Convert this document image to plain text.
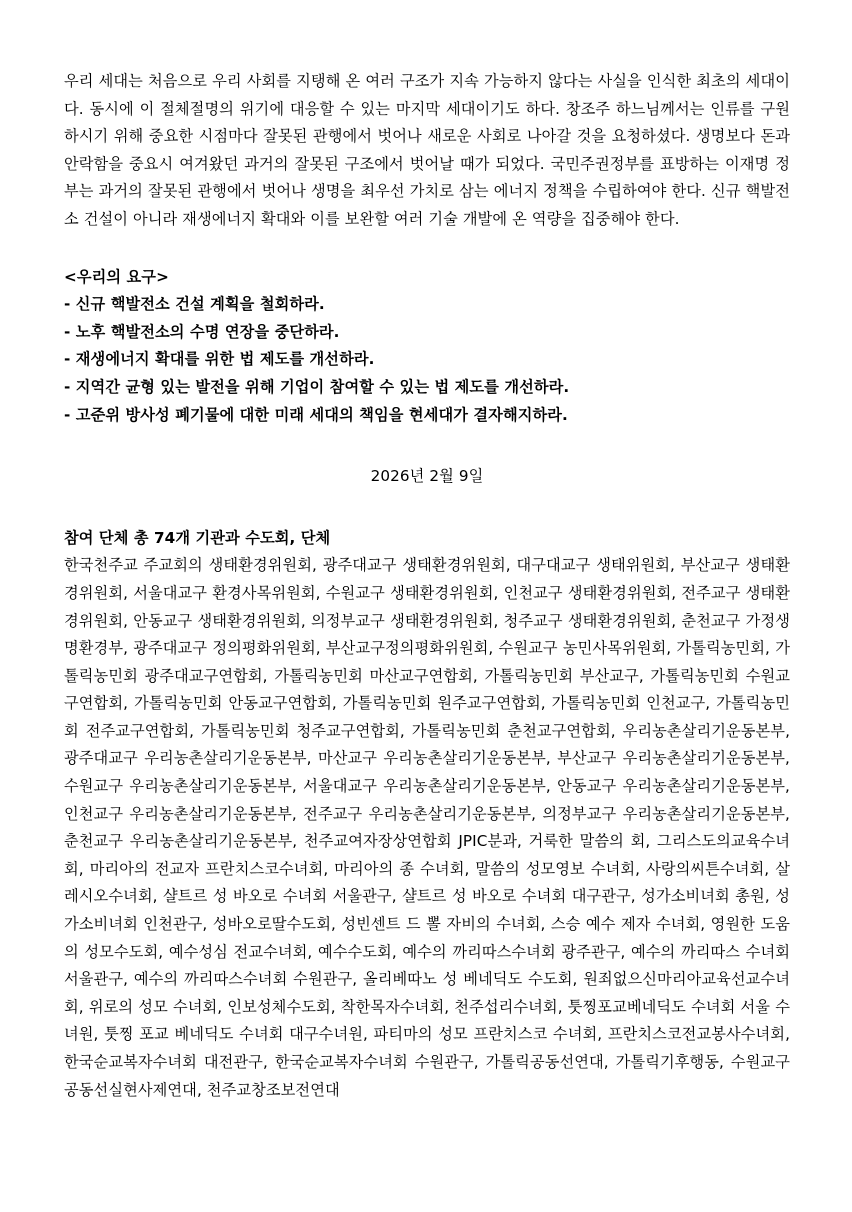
우리 세대는 처음으로 우리 사회를 지탱해 온 여러 구조가 지속 가능하지 않다는 사실을 인식한 최초의 세대이다. 동시에 이 절체절명의 위기에 대응할 수 있는 마지막 세대이기도 하다. 창조주 하느님께서는 인류를 구원하시기 위해 중요한 시점마다 잘못된 관행에서 벗어나 새로운 사회로 나아갈 것을 요청하셨다. 생명보다 돈과 안락함을 중요시 여겨왔던 과거의 잘못된 구조에서 벗어날 때가 되었다. 국민주권정부를 표방하는 이재명 정부는 과거의 잘못된 관행에서 벗어나 생명을 최우선 가치로 삼는 에너지 정책을 수립하여야 한다. 신규 핵발전소 건설이 아니라 재생에너지 확대와 이를 보완할 여러 기술 개발에 온 역량을 집중해야 한다.

<우리의 요구>

- 신규 핵발전소 건설 계획을 철회하라.
- 노후 핵발전소의 수명 연장을 중단하라.
- 재생에너지 확대를 위한 법 제도를 개선하라.
- 지역간 균형 있는 발전을 위해 기업이 참여할 수 있는 법 제도를 개선하라.
- 고준위 방사성 폐기물에 대한 미래 세대의 책임을 현세대가 결자해지하라.

2026년 2월 9일

참여 단체 총 74개 기관과 수도회, 단체

한국천주교 주교회의 생태환경위원회, 광주대교구 생태환경위원회, 대구대교구 생태위원회, 부산교구 생태환경위원회, 서울대교구 환경사목위원회, 수원교구 생태환경위원회, 인천교구 생태환경위원회, 전주교구 생태환경위원회, 안동교구 생태환경위원회, 의정부교구 생태환경위원회, 청주교구 생태환경위원회, 춘천교구 가정생명환경부, 광주대교구 정의평화위원회, 부산교구정의평화위원회, 수원교구 농민사목위원회, 가톨릭농민회, 가톨릭농민회 광주대교구연합회, 가톨릭농민회 마산교구연합회, 가톨릭농민회 부산교구, 가톨릭농민회 수원교구연합회, 가톨릭농민회 안동교구연합회, 가톨릭농민회 원주교구연합회, 가톨릭농민회 인천교구, 가톨릭농민회 전주교구연합회, 가톨릭농민회 청주교구연합회, 가톨릭농민회 춘천교구연합회, 우리농촌살리기운동본부, 광주대교구 우리농촌살리기운동본부, 마산교구 우리농촌살리기운동본부, 부산교구 우리농촌살리기운동본부, 수원교구 우리농촌살리기운동본부, 서울대교구 우리농촌살리기운동본부, 안동교구 우리농촌살리기운동본부, 인천교구 우리농촌살리기운동본부, 전주교구 우리농촌살리기운동본부, 의정부교구 우리농촌살리기운동본부, 춘천교구 우리농촌살리기운동본부, 천주교여자장상연합회 JPIC분과, 거룩한 말씀의 회, 그리스도의교육수녀회, 마리아의 전교자 프란치스코수녀회, 마리아의 종 수녀회, 말씀의 성모영보 수녀회, 사랑의씨튼수녀회, 살레시오수녀회, 샬트르 성 바오로 수녀회 서울관구, 샬트르 성 바오로 수녀회 대구관구, 성가소비녀회 총원, 성가소비녀회 인천관구, 성바오로딸수도회, 성빈센트 드 뽈 자비의 수녀회, 스승 예수 제자 수녀회, 영원한 도움의 성모수도회, 예수성심 전교수녀회, 예수수도회, 예수의 까리따스수녀회 광주관구, 예수의 까리따스 수녀회 서울관구, 예수의 까리따스수녀회 수원관구, 올리베따노 성 베네딕도 수도회, 원죄없으신마리아교육선교수녀회, 위로의 성모 수녀회, 인보성체수도회, 착한목자수녀회, 천주섭리수녀회, 툿찡포교베네딕도 수녀회 서울 수녀원, 툿찡 포교 베네딕도 수녀회 대구수녀원, 파티마의 성모 프란치스코 수녀회, 프란치스코전교봉사수녀회, 한국순교복자수녀회 대전관구, 한국순교복자수녀회 수원관구, 가톨릭공동선연대, 가톨릭기후행동, 수원교구 공동선실현사제연대, 천주교창조보전연대
